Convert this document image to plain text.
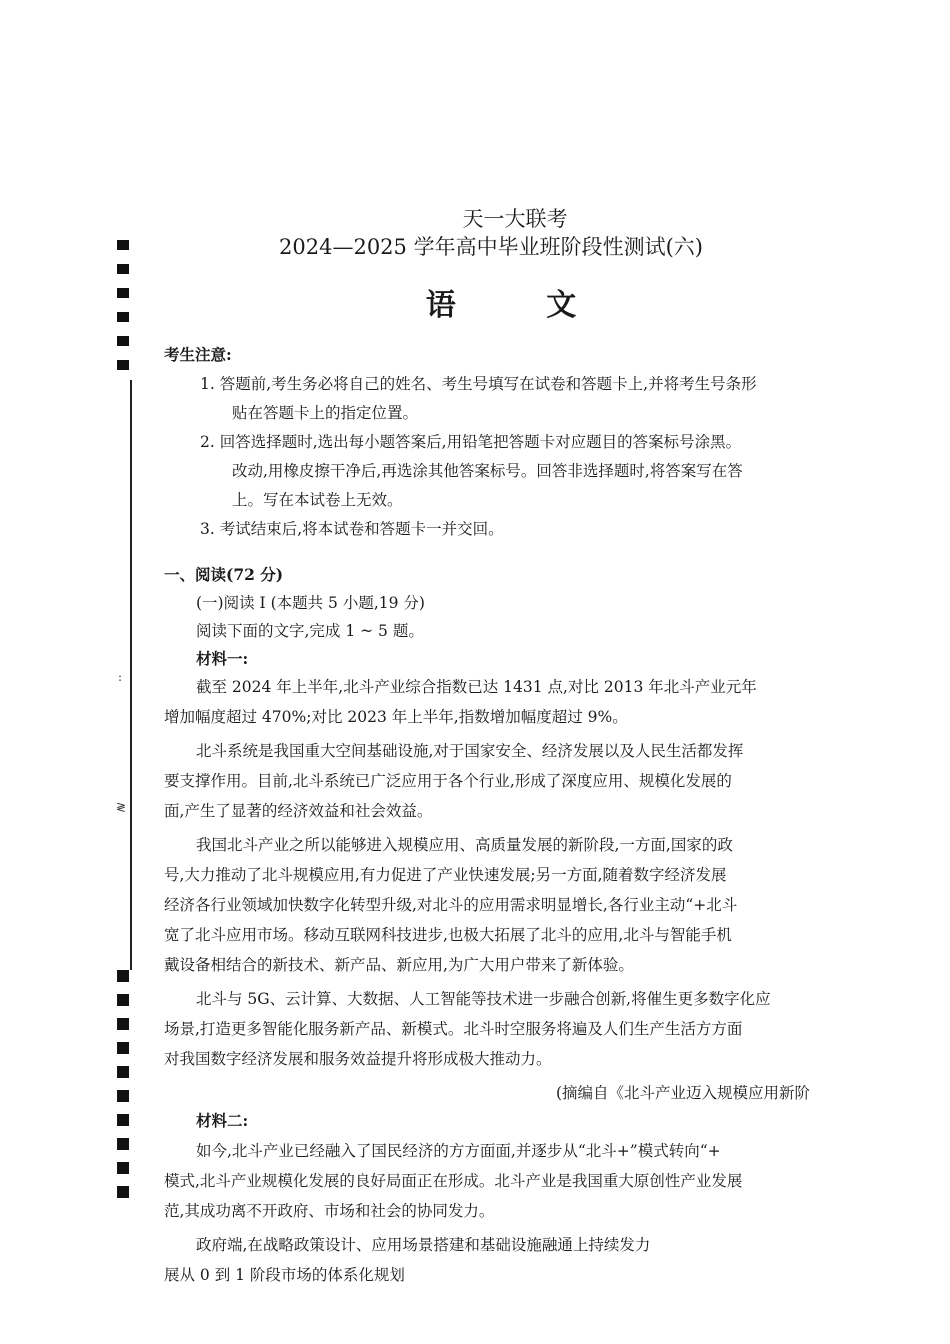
:
≷
天一大联考
2024—2025 学年高中毕业班阶段性测试(六)
语 文
考生注意:
1. 答题前,考生务必将自己的姓名、考生号填写在试卷和答题卡上,并将考生号条形
贴在答题卡上的指定位置。
2. 回答选择题时,选出每小题答案后,用铅笔把答题卡对应题目的答案标号涂黑。
改动,用橡皮擦干净后,再选涂其他答案标号。回答非选择题时,将答案写在答
上。写在本试卷上无效。
3. 考试结束后,将本试卷和答题卡一并交回。
一、阅读(72 分)
(一)阅读 I (本题共 5 小题,19 分)
阅读下面的文字,完成 1 ~ 5 题。
材料一:
截至 2024 年上半年,北斗产业综合指数已达 1431 点,对比 2013 年北斗产业元年
增加幅度超过 470%;对比 2023 年上半年,指数增加幅度超过 9%。
北斗系统是我国重大空间基础设施,对于国家安全、经济发展以及人民生活都发挥
要支撑作用。目前,北斗系统已广泛应用于各个行业,形成了深度应用、规模化发展的
面,产生了显著的经济效益和社会效益。
我国北斗产业之所以能够进入规模应用、高质量发展的新阶段,一方面,国家的政
号,大力推动了北斗规模应用,有力促进了产业快速发展;另一方面,随着数字经济发展
经济各行业领域加快数字化转型升级,对北斗的应用需求明显增长,各行业主动“+北斗
宽了北斗应用市场。移动互联网科技进步,也极大拓展了北斗的应用,北斗与智能手机
戴设备相结合的新技术、新产品、新应用,为广大用户带来了新体验。
北斗与 5G、云计算、大数据、人工智能等技术进一步融合创新,将催生更多数字化应
场景,打造更多智能化服务新产品、新模式。北斗时空服务将遍及人们生产生活方方面
对我国数字经济发展和服务效益提升将形成极大推动力。
(摘编自《北斗产业迈入规模应用新阶
材料二:
如今,北斗产业已经融入了国民经济的方方面面,并逐步从“北斗+”模式转向“+
模式,北斗产业规模化发展的良好局面正在形成。北斗产业是我国重大原创性产业发展
范,其成功离不开政府、市场和社会的协同发力。
政府端,在战略政策设计、应用场景搭建和基础设施融通上持续发力
展从 0 到 1 阶段市场的体系化规划
